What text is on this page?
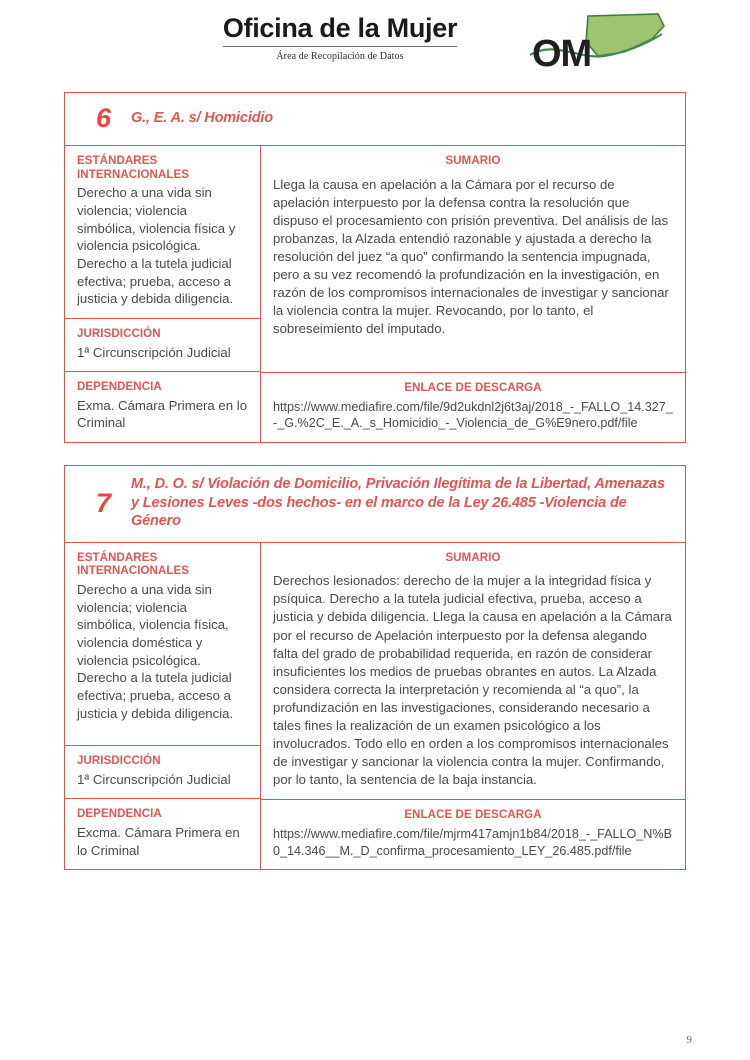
Oficina de la Mujer
Área de Recopilación de Datos	OM
6	G., E. A. s/ Homicidio
ESTÁNDARES
INTERNACIONALES
Derecho a una vida sin violencia; violencia simbólica, violencia física y violencia psicológica. Derecho a la tutela judicial efectiva; prueba, acceso a justicia y debida diligencia.
JURISDICCIÓN
1ª Circunscripción Judicial
DEPENDENCIA
Exma. Cámara Primera en lo Criminal
SUMARIO
Llega la causa en apelación a la Cámara por el recurso de apelación interpuesto por la defensa contra la resolución que dispuso el procesamiento con prisión preventiva. Del análisis de las probanzas, la Alzada entendió razonable y ajustada a derecho la resolución del juez “a quo” confirmando la sentencia impugnada, pero a su vez recomendó la profundización en la investigación, en razón de los compromisos internacionales de investigar y sancionar la violencia contra la mujer. Revocando, por lo tanto, el sobreseimiento del imputado.
ENLACE DE DESCARGA
https://www.mediafire.com/file/9d2ukdnl2j6t3aj/2018_-_FALLO_14.327_-_G.%2C_E._A._s_Homicidio_-_Violencia_de_G%E9nero.pdf/file
7
M., D. O. s/ Violación de Domicilio, Privación Ilegítima de la Libertad, Amenazas y Lesiones Leves -dos hechos- en el marco de la Ley 26.485 -Violencia de Género
ESTÁNDARES
INTERNACIONALES
Derecho a una vida sin violencia; violencia simbólica, violencia física, violencia doméstica y violencia psicológica. Derecho a la tutela judicial efectiva; prueba, acceso a justicia y debida diligencia.
JURISDICCIÓN
1ª Circunscripción Judicial
DEPENDENCIA
Excma. Cámara Primera en lo Criminal
SUMARIO
Derechos lesionados: derecho de la mujer a la integridad física y psíquica. Derecho a la tutela judicial efectiva, prueba, acceso a justicia y debida diligencia. Llega la causa en apelación a la Cámara por el recurso de Apelación interpuesto por la defensa alegando falta del grado de probabilidad requerida, en razón de considerar insuficientes los medios de pruebas obrantes en autos. La Alzada considera correcta la interpretación y recomienda al “a quo”, la profundización en las investigaciones, considerando necesario a tales fines la realización de un examen psicológico a los involucrados. Todo ello en orden a los compromisos internacionales de investigar y sancionar la violencia contra la mujer. Confirmando, por lo tanto, la sentencia de la baja instancia.
ENLACE DE DESCARGA
https://www.mediafire.com/file/mjrm417amjn1b84/2018_-_FALLO_N%B0_14.346__M._D_confirma_procesamiento_LEY_26.485.pdf/file
9
